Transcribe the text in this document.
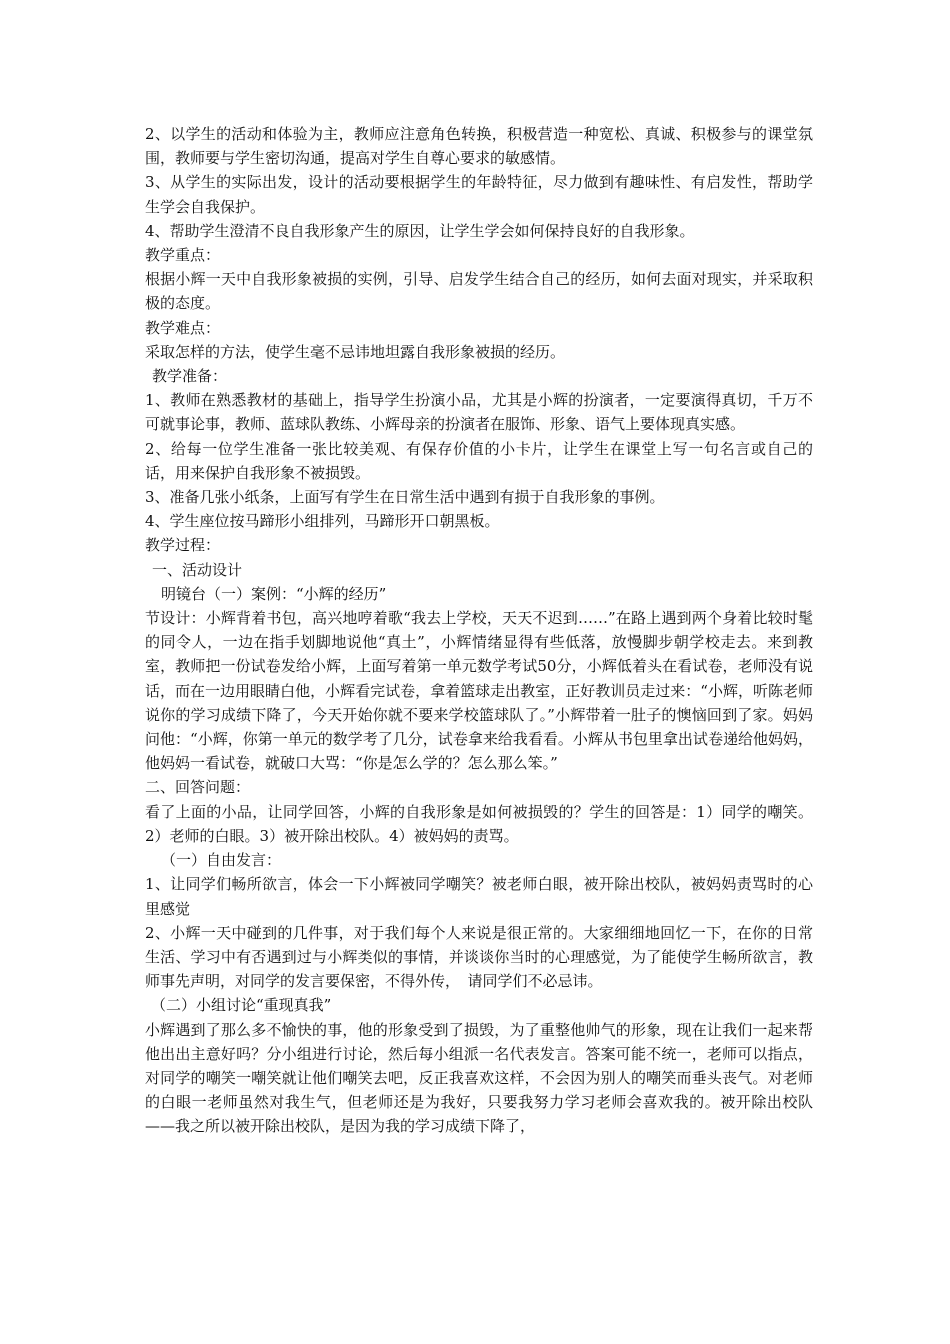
2、以学生的活动和体验为主，教师应注意角色转换，积极营造一种宽松、真诚、积极参与的课堂氛围，教师要与学生密切沟通，提高对学生自尊心要求的敏感情。

3、从学生的实际出发，设计的活动要根据学生的年龄特征，尽力做到有趣味性、有启发性，帮助学生学会自我保护。

4、帮助学生澄清不良自我形象产生的原因，让学生学会如何保持良好的自我形象。

教学重点：

根据小辉一天中自我形象被损的实例，引导、启发学生结合自己的经历，如何去面对现实，并采取积极的态度。

教学难点：

采取怎样的方法，使学生毫不忌讳地坦露自我形象被损的经历。

教学准备：

1、教师在熟悉教材的基础上，指导学生扮演小品，尤其是小辉的扮演者，一定要演得真切，千万不可就事论事，教师、蓝球队教练、小辉母亲的扮演者在服饰、形象、语气上要体现真实感。

2、给每一位学生准备一张比较美观、有保存价值的小卡片，让学生在课堂上写一句名言或自己的话，用来保护自我形象不被损毁。

3、准备几张小纸条，上面写有学生在日常生活中遇到有损于自我形象的事例。

4、学生座位按马蹄形小组排列，马蹄形开口朝黑板。

教学过程：

一、活动设计

明镜台（一）案例：“小辉的经历”

节设计：小辉背着书包，高兴地哼着歌“我去上学校，天天不迟到……”在路上遇到两个身着比较时髦的同令人，一边在指手划脚地说他“真土”，小辉情绪显得有些低落，放慢脚步朝学校走去。来到教室，教师把一份试卷发给小辉，上面写着第一单元数学考试50分，小辉低着头在看试卷，老师没有说话，而在一边用眼睛白他，小辉看完试卷，拿着篮球走出教室，正好教训员走过来：“小辉，听陈老师说你的学习成绩下降了，今天开始你就不要来学校篮球队了。”小辉带着一肚子的懊恼回到了家。妈妈问他：“小辉，你第一单元的数学考了几分，试卷拿来给我看看。小辉从书包里拿出试卷递给他妈妈，他妈妈一看试卷，就破口大骂：“你是怎么学的？怎么那么笨。”

二、回答问题：

看了上面的小品，让同学回答，小辉的自我形象是如何被损毁的？学生的回答是：1）同学的嘲笑。2）老师的白眼。3）被开除出校队。4）被妈妈的责骂。

（一）自由发言：

1、让同学们畅所欲言，体会一下小辉被同学嘲笑？被老师白眼，被开除出校队，被妈妈责骂时的心里感觉

2、小辉一天中碰到的几件事，对于我们每个人来说是很正常的。大家细细地回忆一下，在你的日常生活、学习中有否遇到过与小辉类似的事情，并谈谈你当时的心理感觉，为了能使学生畅所欲言，教师事先声明，对同学的发言要保密，不得外传，　请同学们不必忌讳。

（二）小组讨论“重现真我”

小辉遇到了那么多不愉快的事，他的形象受到了损毁，为了重整他帅气的形象，现在让我们一起来帮他出出主意好吗？分小组进行讨论，然后每小组派一名代表发言。答案可能不统一，老师可以指点，对同学的嘲笑一嘲笑就让他们嘲笑去吧，反正我喜欢这样，不会因为别人的嘲笑而垂头丧气。对老师的白眼一老师虽然对我生气，但老师还是为我好，只要我努力学习老师会喜欢我的。被开除出校队——我之所以被开除出校队，是因为我的学习成绩下降了，
